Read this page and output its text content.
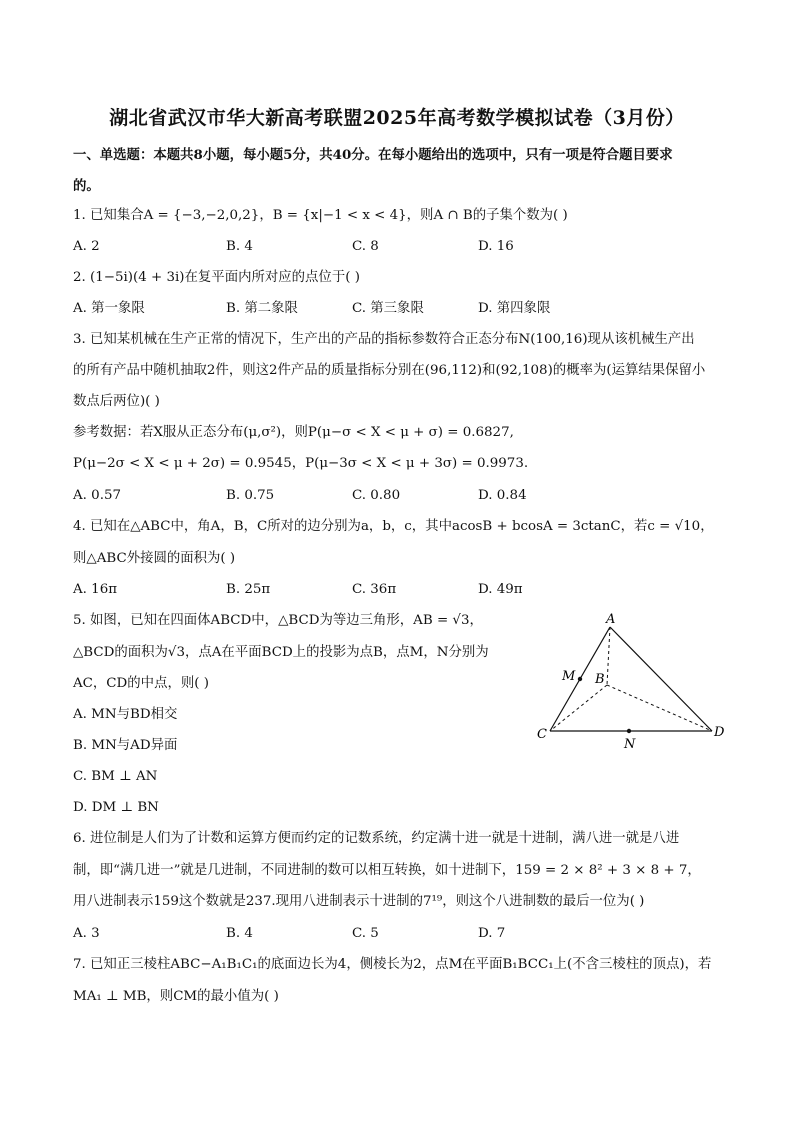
湖北省武汉市华大新高考联盟2025年高考数学模拟试卷（3月份）
一、单选题：本题共8小题，每小题5分，共40分。在每小题给出的选项中，只有一项是符合题目要求
的。
1. 已知集合A = {−3,−2,0,2}，B = {x|−1 < x < 4}，则A ∩ B的子集个数为( )
A. 2	B. 4	C. 8	D. 16
2. (1−5i)(4 + 3i)在复平面内所对应的点位于( )
A. 第一象限	B. 第二象限	C. 第三象限	D. 第四象限
3. 已知某机械在生产正常的情况下，生产出的产品的指标参数符合正态分布N(100,16)现从该机械生产出
的所有产品中随机抽取2件，则这2件产品的质量指标分别在(96,112)和(92,108)的概率为(运算结果保留小
数点后两位)( )
参考数据：若X服从正态分布(μ,σ²)，则P(μ−σ < X < μ + σ) = 0.6827,
P(μ−2σ < X < μ + 2σ) = 0.9545，P(μ−3σ < X < μ + 3σ) = 0.9973.
A. 0.57	B. 0.75	C. 0.80	D. 0.84
4. 已知在△ABC中，角A，B，C所对的边分别为a，b，c，其中acosB + bcosA = 3ctanC，若c = √10，
则△ABC外接圆的面积为( )
A. 16π	B. 25π	C. 36π	D. 49π
5. 如图，已知在四面体ABCD中，△BCD为等边三角形，AB = √3，
△BCD的面积为√3，点A在平面BCD上的投影为点B，点M，N分别为
AC，CD的中点，则( )
A. MN与BD相交
B. MN与AD异面
C. BM ⊥ AN
D. DM ⊥ BN
A
B
C	D
M
N
6. 进位制是人们为了计数和运算方便而约定的记数系统，约定满十进一就是十进制，满八进一就是八进
制，即“满几进一”就是几进制，不同进制的数可以相互转换，如十进制下，159 = 2 × 8² + 3 × 8 + 7，
用八进制表示159这个数就是237.现用八进制表示十进制的7¹⁹，则这个八进制数的最后一位为( )
A. 3	B. 4	C. 5	D. 7
7. 已知正三棱柱ABC−A₁B₁C₁的底面边长为4，侧棱长为2，点M在平面B₁BCC₁上(不含三棱柱的顶点)，若
MA₁ ⊥ MB，则CM的最小值为( )
